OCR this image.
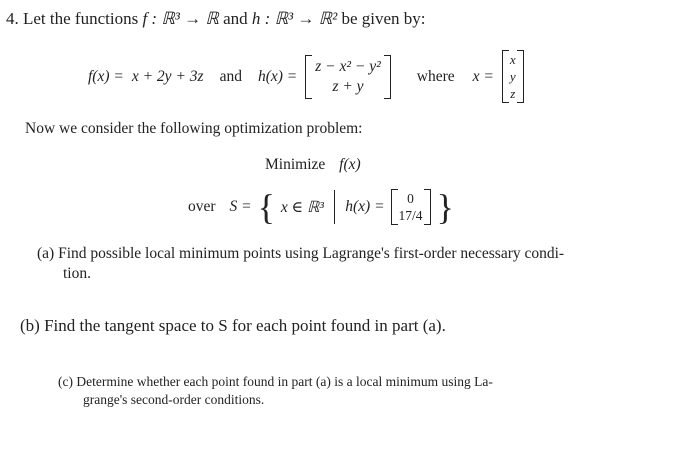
4. Let the functions f : ℝ³ → ℝ and h : ℝ³ → ℝ² be given by:
f(x) = x + 2y + 3z and h(x) =
z − x² − y²
z + y
where x =
x
y
z
Now we consider the following optimization problem:
Minimize f(x)
over S = { x ∈ ℝ³ h(x) = 0
17/4 }
(a) Find possible local minimum points using Lagrange's first-order necessary condi-
tion.
(b) Find the tangent space to S for each point found in part (a).
(c) Determine whether each point found in part (a) is a local minimum using La-
grange's second-order conditions.
